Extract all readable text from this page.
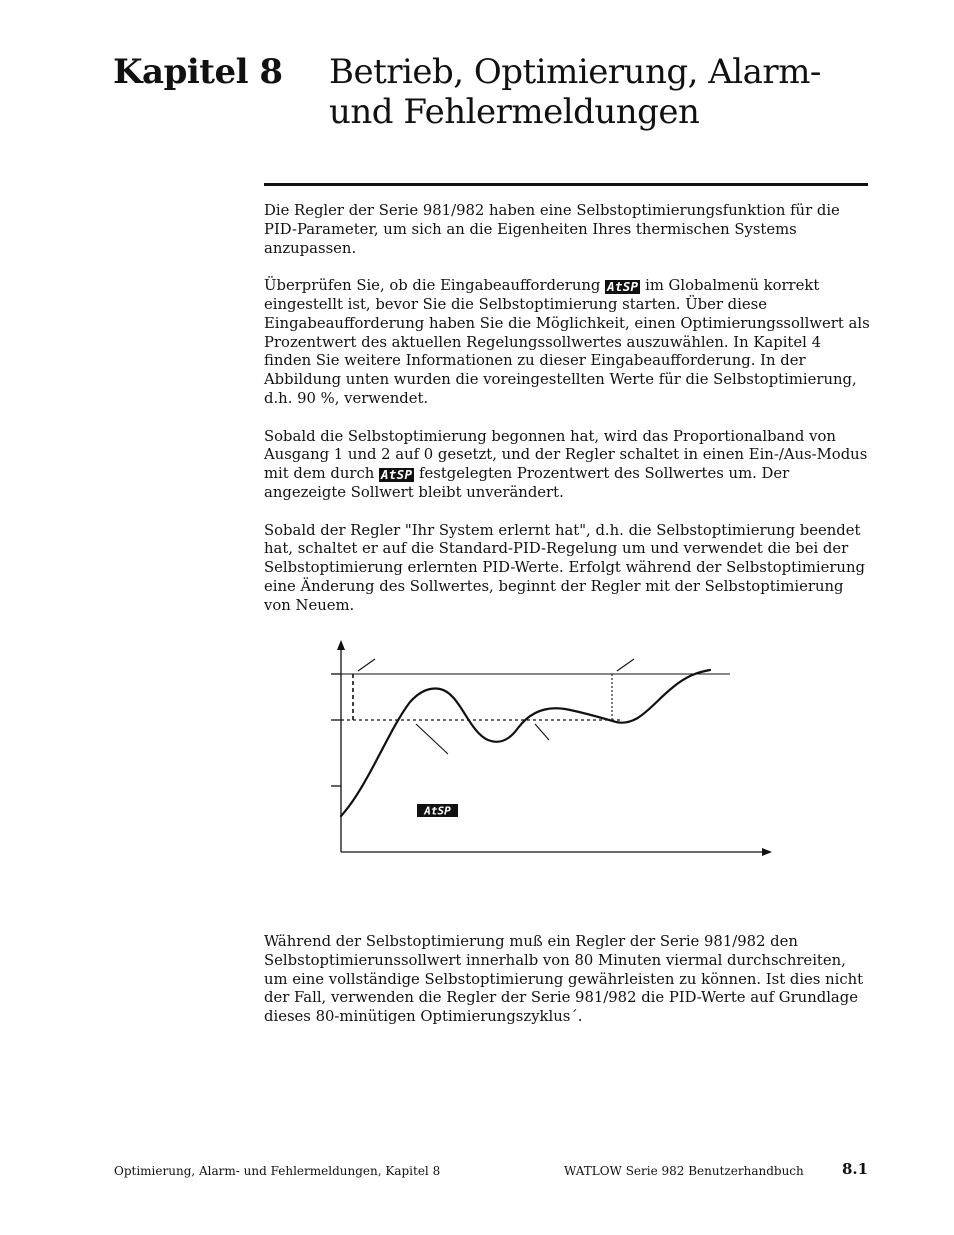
Kapitel 8 Betrieb, Optimierung, Alarm- und Fehlermeldungen

Die Regler der Serie 981/982 haben eine Selbstoptimierungsfunktion für die PID-Parameter, um sich an die Eigenheiten Ihres thermischen Systems anzupassen.

Überprüfen Sie, ob die Eingabeaufforderung AtSP im Globalmenü korrekt eingestellt ist, bevor Sie die Selbstoptimierung starten. Über diese Eingabeaufforderung haben Sie die Möglichkeit, einen Optimierungssollwert als Prozentwert des aktuellen Regelungssollwertes auszuwählen. In Kapitel 4 finden Sie weitere Informationen zu dieser Eingabeaufforderung. In der Abbildung unten wurden die voreingestellten Werte für die Selbstoptimierung, d.h. 90 %, verwendet.

Sobald die Selbstoptimierung begonnen hat, wird das Proportionalband von Ausgang 1 und 2 auf 0 gesetzt, und der Regler schaltet in einen Ein-/Aus-Modus mit dem durch AtSP festgelegten Prozentwert des Sollwertes um. Der angezeigte Sollwert bleibt unverändert.

Sobald der Regler "Ihr System erlernt hat", d.h. die Selbstoptimierung beendet hat, schaltet er auf die Standard-PID-Regelung um und verwendet die bei der Selbstoptimierung erlernten PID-Werte. Erfolgt während der Selbstoptimierung eine Änderung des Sollwertes, beginnt der Regler mit der Selbstoptimierung von Neuem.

AtSP

Während der Selbstoptimierung muß ein Regler der Serie 981/982 den Selbstoptimierunssollwert innerhalb von 80 Minuten viermal durchschreiten, um eine vollständige Selbstoptimierung gewährleisten zu können. Ist dies nicht der Fall, verwenden die Regler der Serie 981/982 die PID-Werte auf Grundlage dieses 80-minütigen Optimierungszyklus´.

Optimierung, Alarm- und Fehlermeldungen, Kapitel 8	WATLOW Serie 982 Benutzerhandbuch	8.1
